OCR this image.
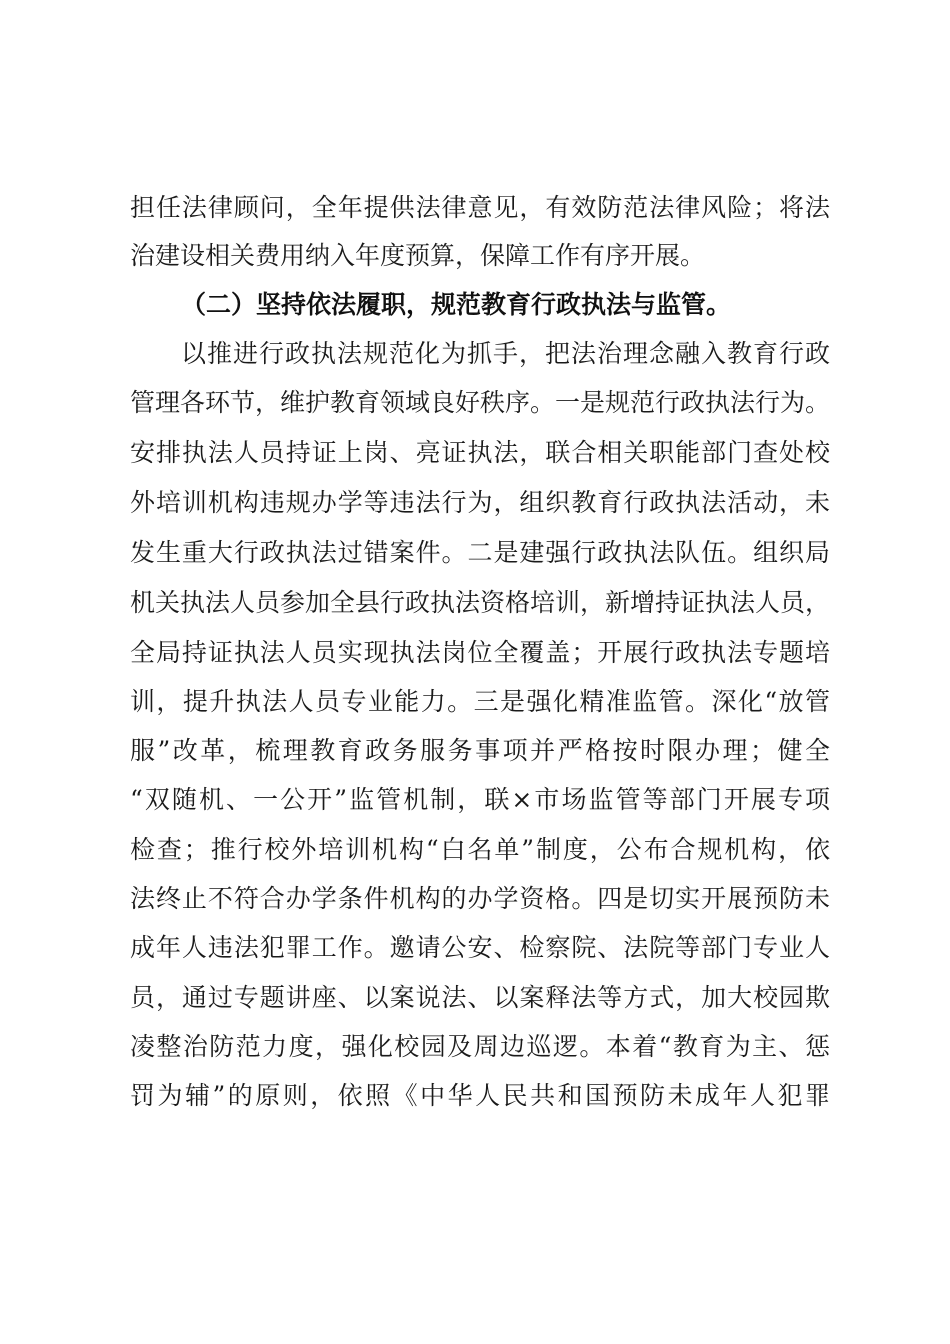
担任法律顾问，全年提供法律意见，有效防范法律风险；将法
治建设相关费用纳入年度预算，保障工作有序开展。
（二）坚持依法履职，规范教育行政执法与监管。
以推进行政执法规范化为抓手，把法治理念融入教育行政
管理各环节，维护教育领域良好秩序。一是规范行政执法行为。
安排执法人员持证上岗、亮证执法，联合相关职能部门查处校
外培训机构违规办学等违法行为，组织教育行政执法活动，未
发生重大行政执法过错案件。二是建强行政执法队伍。组织局
机关执法人员参加全县行政执法资格培训，新增持证执法人员，
全局持证执法人员实现执法岗位全覆盖；开展行政执法专题培
训，提升执法人员专业能力。三是强化精准监管。深化“放管
服”改革，梳理教育政务服务事项并严格按时限办理；健全
“双随机、一公开”监管机制，联×市场监管等部门开展专项
检查；推行校外培训机构“白名单”制度，公布合规机构，依
法终止不符合办学条件机构的办学资格。四是切实开展预防未
成年人违法犯罪工作。邀请公安、检察院、法院等部门专业人
员，通过专题讲座、以案说法、以案释法等方式，加大校园欺
凌整治防范力度，强化校园及周边巡逻。本着“教育为主、惩
罚为辅”的原则，依照《中华人民共和国预防未成年人犯罪
